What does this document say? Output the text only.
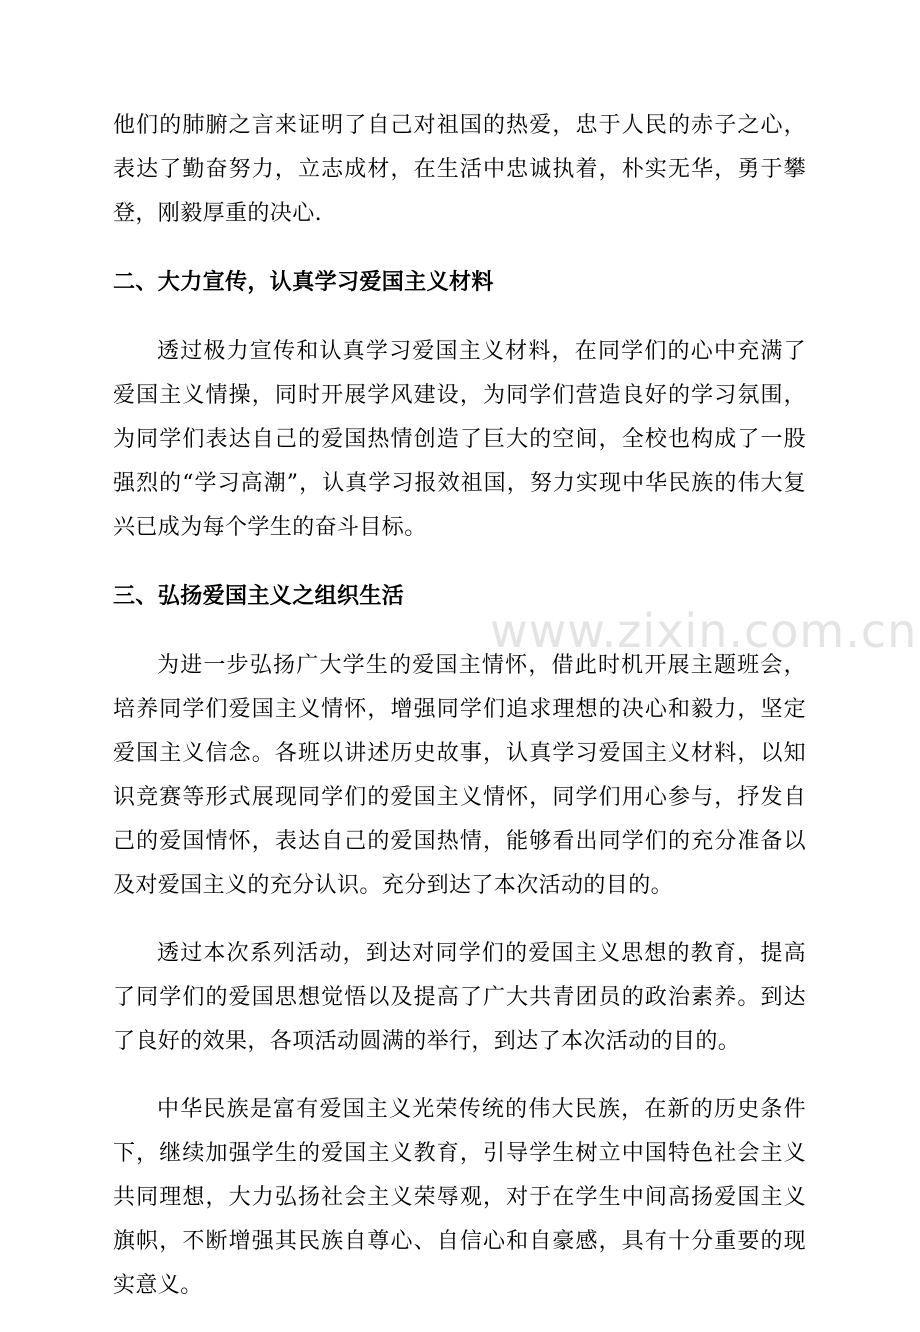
他们的肺腑之言来证明了自己对祖国的热爱，忠于人民的赤子之心，表达了勤奋努力，立志成材，在生活中忠诚执着，朴实无华，勇于攀登，刚毅厚重的决心.

二、大力宣传，认真学习爱国主义材料

透过极力宣传和认真学习爱国主义材料，在同学们的心中充满了爱国主义情操，同时开展学风建设，为同学们营造良好的学习氛围，为同学们表达自己的爱国热情创造了巨大的空间，全校也构成了一股强烈的“学习高潮”，认真学习报效祖国，努力实现中华民族的伟大复兴已成为每个学生的奋斗目标。

三、弘扬爱国主义之组织生活

为进一步弘扬广大学生的爱国主情怀，借此时机开展主题班会，培养同学们爱国主义情怀，增强同学们追求理想的决心和毅力，坚定爱国主义信念。各班以讲述历史故事，认真学习爱国主义材料，以知识竞赛等形式展现同学们的爱国主义情怀，同学们用心参与，抒发自己的爱国情怀，表达自己的爱国热情，能够看出同学们的充分准备以及对爱国主义的充分认识。充分到达了本次活动的目的。

透过本次系列活动，到达对同学们的爱国主义思想的教育，提高了同学们的爱国思想觉悟以及提高了广大共青团员的政治素养。到达了良好的效果，各项活动圆满的举行，到达了本次活动的目的。

中华民族是富有爱国主义光荣传统的伟大民族，在新的历史条件下，继续加强学生的爱国主义教育，引导学生树立中国特色社会主义共同理想，大力弘扬社会主义荣辱观，对于在学生中间高扬爱国主义旗帜，不断增强其民族自尊心、自信心和自豪感，具有十分重要的现实意义。

www.zixin.com.cn
